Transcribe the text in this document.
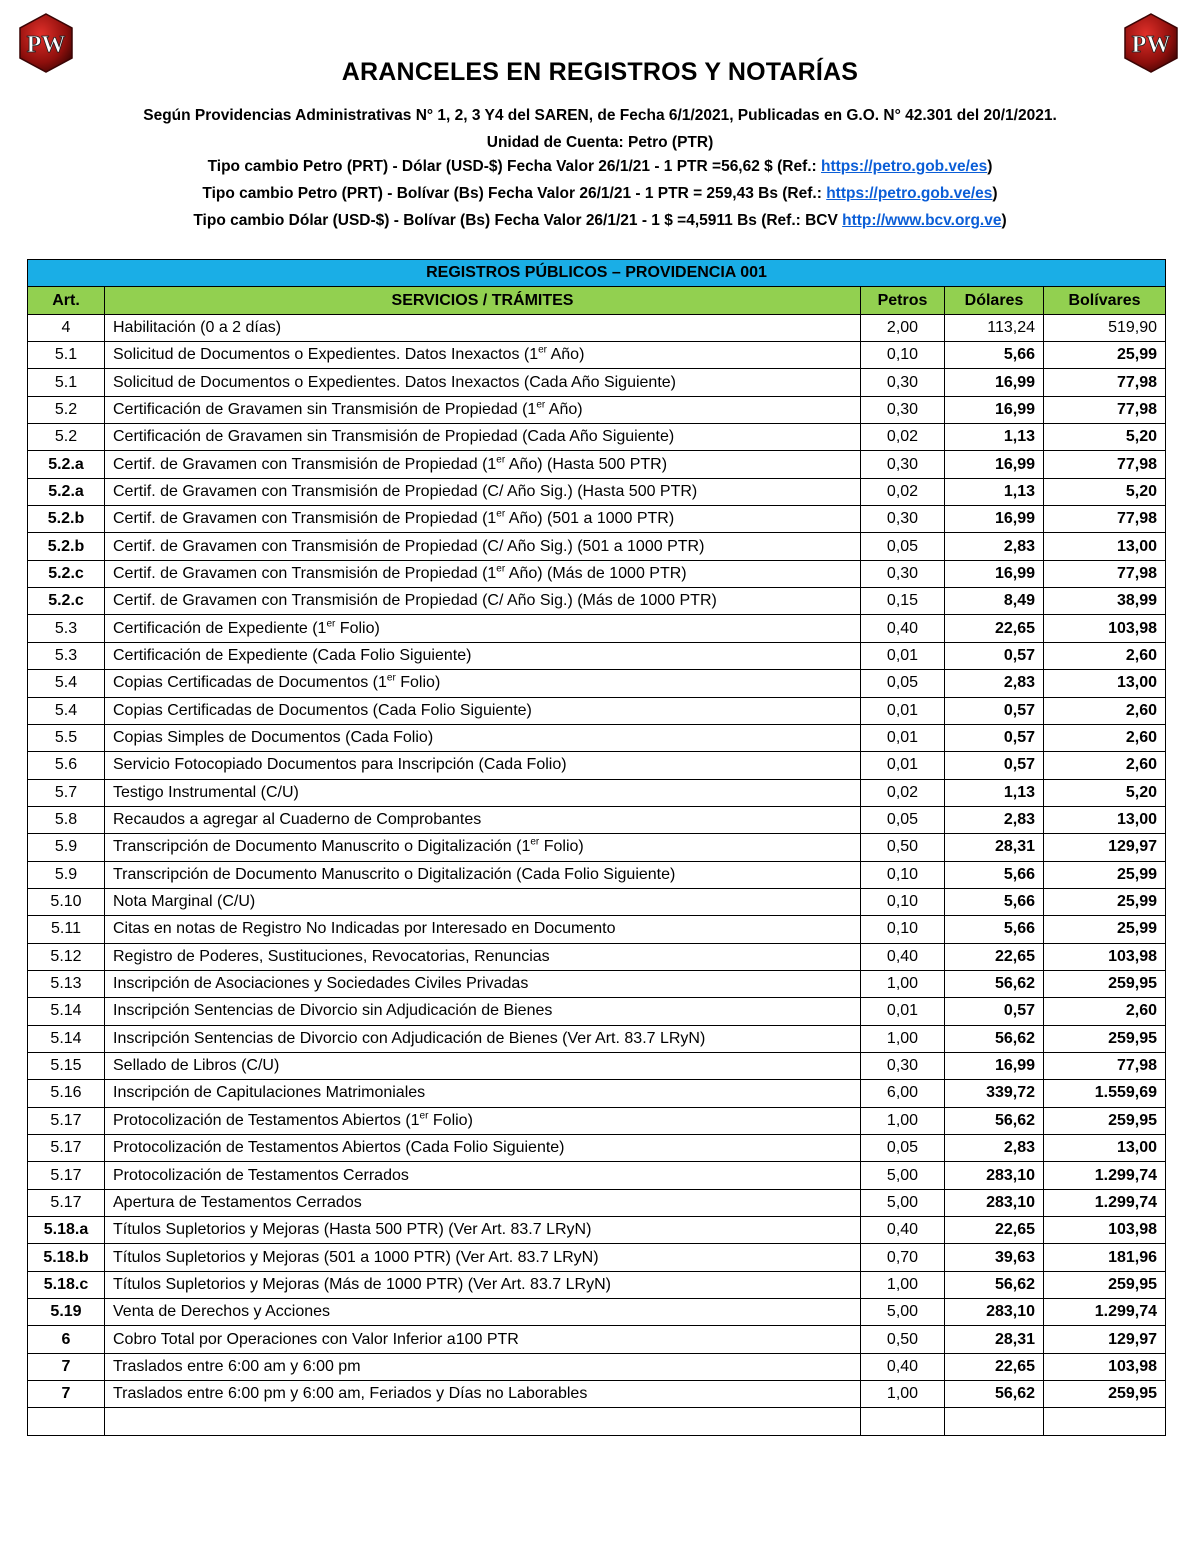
PW	PW
ARANCELES EN REGISTROS Y NOTARÍAS
Según Providencias Administrativas N° 1, 2, 3 Y4 del SAREN, de Fecha 6/1/2021, Publicadas en G.O. N° 42.301 del 20/1/2021.
Unidad de Cuenta: Petro (PTR)
Tipo cambio Petro (PRT) - Dólar (USD-$) Fecha Valor 26/1/21 - 1 PTR =56,62 $ (Ref.: https://petro.gob.ve/es)
Tipo cambio Petro (PRT) - Bolívar (Bs) Fecha Valor 26/1/21 - 1 PTR = 259,43 Bs (Ref.: https://petro.gob.ve/es)
Tipo cambio Dólar (USD-$) - Bolívar (Bs) Fecha Valor 26/1/21 - 1 $ =4,5911 Bs (Ref.: BCV http://www.bcv.org.ve)
REGISTROS PÚBLICOS – PROVIDENCIA 001				
Art.	SERVICIOS / TRÁMITES	Petros	Dólares	Bolívares
4	Habilitación (0 a 2 días)	2,00	113,24	519,90
5.1	Solicitud de Documentos o Expedientes. Datos Inexactos (1er Año)	0,10	5,66	25,99
5.1	Solicitud de Documentos o Expedientes. Datos Inexactos (Cada Año Siguiente)	0,30	16,99	77,98
5.2	Certificación de Gravamen sin Transmisión de Propiedad (1er Año)	0,30	16,99	77,98
5.2	Certificación de Gravamen sin Transmisión de Propiedad (Cada Año Siguiente)	0,02	1,13	5,20
5.2.a	Certif. de Gravamen con Transmisión de Propiedad (1er Año) (Hasta 500 PTR)	0,30	16,99	77,98
5.2.a	Certif. de Gravamen con Transmisión de Propiedad (C/ Año Sig.) (Hasta 500 PTR)	0,02	1,13	5,20
5.2.b	Certif. de Gravamen con Transmisión de Propiedad (1er Año) (501 a 1000 PTR)	0,30	16,99	77,98
5.2.b	Certif. de Gravamen con Transmisión de Propiedad (C/ Año Sig.) (501 a 1000 PTR)	0,05	2,83	13,00
5.2.c	Certif. de Gravamen con Transmisión de Propiedad (1er Año) (Más de 1000 PTR)	0,30	16,99	77,98
5.2.c	Certif. de Gravamen con Transmisión de Propiedad (C/ Año Sig.) (Más de 1000 PTR)	0,15	8,49	38,99
5.3	Certificación de Expediente (1er Folio)	0,40	22,65	103,98
5.3	Certificación de Expediente (Cada Folio Siguiente)	0,01	0,57	2,60
5.4	Copias Certificadas de Documentos (1er Folio)	0,05	2,83	13,00
5.4	Copias Certificadas de Documentos (Cada Folio Siguiente)	0,01	0,57	2,60
5.5	Copias Simples de Documentos (Cada Folio)	0,01	0,57	2,60
5.6	Servicio Fotocopiado Documentos para Inscripción (Cada Folio)	0,01	0,57	2,60
5.7	Testigo Instrumental (C/U)	0,02	1,13	5,20
5.8	Recaudos a agregar al Cuaderno de Comprobantes	0,05	2,83	13,00
5.9	Transcripción de Documento Manuscrito o Digitalización (1er Folio)	0,50	28,31	129,97
5.9	Transcripción de Documento Manuscrito o Digitalización (Cada Folio Siguiente)	0,10	5,66	25,99
5.10	Nota Marginal (C/U)	0,10	5,66	25,99
5.11	Citas en notas de Registro No Indicadas por Interesado en Documento	0,10	5,66	25,99
5.12	Registro de Poderes, Sustituciones, Revocatorias, Renuncias	0,40	22,65	103,98
5.13	Inscripción de Asociaciones y Sociedades Civiles Privadas	1,00	56,62	259,95
5.14	Inscripción Sentencias de Divorcio sin Adjudicación de Bienes	0,01	0,57	2,60
5.14	Inscripción Sentencias de Divorcio con Adjudicación de Bienes (Ver Art. 83.7 LRyN)	1,00	56,62	259,95
5.15	Sellado de Libros (C/U)	0,30	16,99	77,98
5.16	Inscripción de Capitulaciones Matrimoniales	6,00	339,72	1.559,69
5.17	Protocolización de Testamentos Abiertos (1er Folio)	1,00	56,62	259,95
5.17	Protocolización de Testamentos Abiertos (Cada Folio Siguiente)	0,05	2,83	13,00
5.17	Protocolización de Testamentos Cerrados	5,00	283,10	1.299,74
5.17	Apertura de Testamentos Cerrados	5,00	283,10	1.299,74
5.18.a	Títulos Supletorios y Mejoras (Hasta 500 PTR) (Ver Art. 83.7 LRyN)	0,40	22,65	103,98
5.18.b	Títulos Supletorios y Mejoras (501 a 1000 PTR) (Ver Art. 83.7 LRyN)	0,70	39,63	181,96
5.18.c	Títulos Supletorios y Mejoras (Más de 1000 PTR) (Ver Art. 83.7 LRyN)	1,00	56,62	259,95
5.19	Venta de Derechos y Acciones	5,00	283,10	1.299,74
6	Cobro Total por Operaciones con Valor Inferior a100 PTR	0,50	28,31	129,97
7	Traslados entre 6:00 am y 6:00 pm	0,40	22,65	103,98
7	Traslados entre 6:00 pm y 6:00 am, Feriados y Días no Laborables	1,00	56,62	259,95
